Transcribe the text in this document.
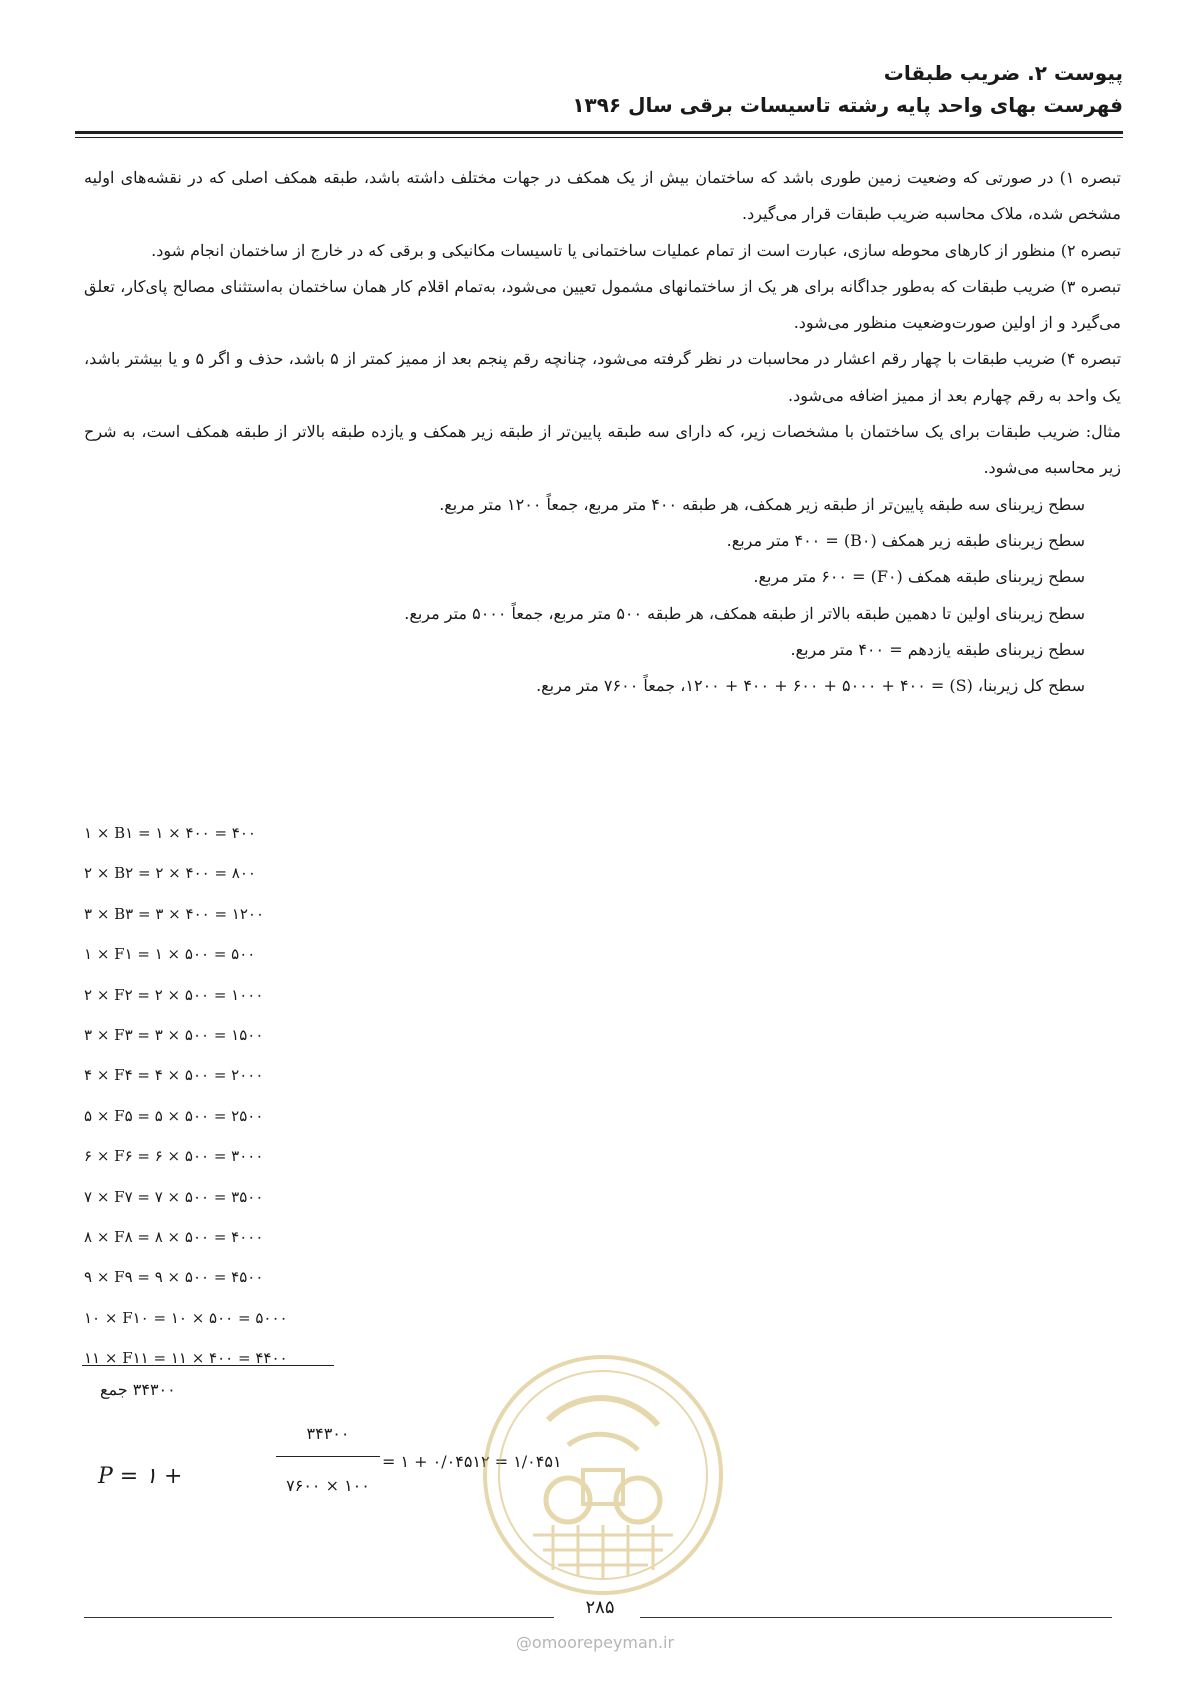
پیوست ۲. ضریب طبقات
فهرست بهای واحد پایه رشته تاسیسات برقی سال ۱۳۹۶

تبصره ۱) در صورتی که وضعیت زمین طوری باشد که ساختمان بیش از یک همکف در جهات مختلف داشته باشد، طبقه همکف اصلی که در نقشه‌های اولیه مشخص شده، ملاک محاسبه ضریب طبقات قرار می‌گیرد.

تبصره ۲) منظور از کارهای محوطه سازی، عبارت است از تمام عملیات ساختمانی یا تاسیسات مکانیکی و برقی که در خارج از ساختمان انجام شود.

تبصره ۳) ضریب طبقات که به‌طور جداگانه برای هر یک از ساختمانهای مشمول تعیین می‌شود، به‌تمام اقلام کار همان ساختمان به‌استثنای مصالح پای‌کار، تعلق می‌گیرد و از اولین صورت‌وضعیت منظور می‌شود.

تبصره ۴) ضریب طبقات با چهار رقم اعشار در محاسبات در نظر گرفته می‌شود، چنانچه رقم پنجم بعد از ممیز کمتر از ۵ باشد، حذف و اگر ۵ و یا بیشتر باشد، یک واحد به رقم چهارم بعد از ممیز اضافه می‌شود.

مثال: ضریب طبقات برای یک ساختمان با مشخصات زیر، که دارای سه طبقه پایین‌تر از طبقه زیر همکف و یازده طبقه بالاتر از طبقه همکف است، به شرح زیر محاسبه می‌شود.

سطح زیربنای سه طبقه پایین‌تر از طبقه زیر همکف، هر طبقه ۴۰۰ متر مربع، جمعاً ۱۲۰۰ متر مربع.

سطح زیربنای طبقه زیر همکف (B۰) = ۴۰۰ متر مربع.

سطح زیربنای طبقه همکف (F۰) = ۶۰۰ متر مربع.

سطح زیربنای اولین تا دهمین طبقه بالاتر از طبقه همکف، هر طبقه ۵۰۰ متر مربع، جمعاً ۵۰۰۰ متر مربع.

سطح زیربنای طبقه یازدهم = ۴۰۰ متر مربع.

سطح کل زیربنا، (S) = ۱۲۰۰ + ۴۰۰ + ۶۰۰ + ۵۰۰۰ + ۴۰۰، جمعاً ۷۶۰۰ متر مربع.

۱ × B۱ = ۱ × ۴۰۰ = ۴۰۰
۲ × B۲ = ۲ × ۴۰۰ = ۸۰۰
۳ × B۳ = ۳ × ۴۰۰ = ۱۲۰۰
۱ × F۱ = ۱ × ۵۰۰ = ۵۰۰
۲ × F۲ = ۲ × ۵۰۰ = ۱۰۰۰
۳ × F۳ = ۳ × ۵۰۰ = ۱۵۰۰
۴ × F۴ = ۴ × ۵۰۰ = ۲۰۰۰
۵ × F۵ = ۵ × ۵۰۰ = ۲۵۰۰
۶ × F۶ = ۶ × ۵۰۰ = ۳۰۰۰
۷ × F۷ = ۷ × ۵۰۰ = ۳۵۰۰
۸ × F۸ = ۸ × ۵۰۰ = ۴۰۰۰
۹ × F۹ = ۹ × ۵۰۰ = ۴۵۰۰
۱۰ × F۱۰ = ۱۰ × ۵۰۰ = ۵۰۰۰
۱۱ × F۱۱ = ۱۱ × ۴۰۰ = ۴۴۰۰
۳۴۳۰۰ جمع
P = ۱ +
۳۴۳۰۰
۷۶۰۰ × ۱۰۰
= ۱ + ۰/۰۴۵۱۲ = ۱/۰۴۵۱
۲۸۵
@omoorepeyman.ir
